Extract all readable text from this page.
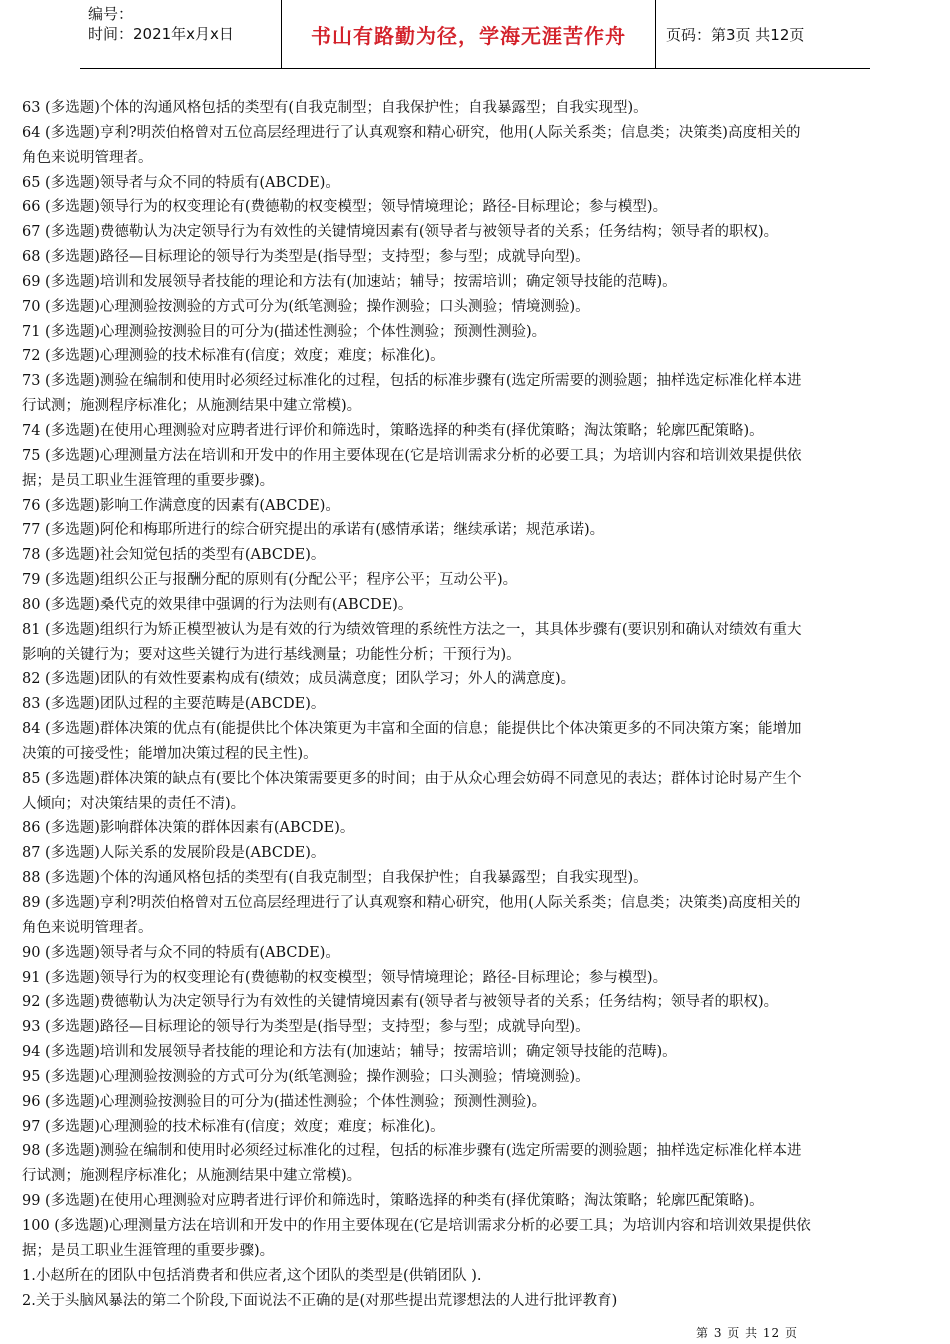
编号：
时间：2021年x月x日	书山有路勤为径，学海无涯苦作舟	页码：第3页 共12页
63 (多选题)个体的沟通风格包括的类型有(自我克制型；自我保护性；自我暴露型；自我实现型)。
64 (多选题)亨利?明茨伯格曾对五位高层经理进行了认真观察和精心研究，他用(人际关系类；信息类；决策类)高度相关的
角色来说明管理者。
65 (多选题)领导者与众不同的特质有(ABCDE)。
66 (多选题)领导行为的权变理论有(费德勒的权变模型；领导情境理论；路径-目标理论；参与模型)。
67 (多选题)费德勒认为决定领导行为有效性的关键情境因素有(领导者与被领导者的关系；任务结构；领导者的职权)。
68 (多选题)路径—目标理论的领导行为类型是(指导型；支持型；参与型；成就导向型)。
69 (多选题)培训和发展领导者技能的理论和方法有(加速站；辅导；按需培训；确定领导技能的范畴)。
70 (多选题)心理测验按测验的方式可分为(纸笔测验；操作测验；口头测验；情境测验)。
71 (多选题)心理测验按测验目的可分为(描述性测验；个体性测验；预测性测验)。
72 (多选题)心理测验的技术标准有(信度；效度；难度；标准化)。
73 (多选题)测验在编制和使用时必须经过标准化的过程，包括的标准步骤有(选定所需要的测验题；抽样选定标准化样本进
行试测；施测程序标准化；从施测结果中建立常模)。
74 (多选题)在使用心理测验对应聘者进行评价和筛选时，策略选择的种类有(择优策略；淘汰策略；轮廓匹配策略)。
75 (多选题)心理测量方法在培训和开发中的作用主要体现在(它是培训需求分析的必要工具；为培训内容和培训效果提供依
据；是员工职业生涯管理的重要步骤)。
76 (多选题)影响工作满意度的因素有(ABCDE)。
77 (多选题)阿伦和梅耶所进行的综合研究提出的承诺有(感情承诺；继续承诺；规范承诺)。
78 (多选题)社会知觉包括的类型有(ABCDE)。
79 (多选题)组织公正与报酬分配的原则有(分配公平；程序公平；互动公平)。
80 (多选题)桑代克的效果律中强调的行为法则有(ABCDE)。
81 (多选题)组织行为矫正模型被认为是有效的行为绩效管理的系统性方法之一，其具体步骤有(要识别和确认对绩效有重大
影响的关键行为；要对这些关键行为进行基线测量；功能性分析；干预行为)。
82 (多选题)团队的有效性要素构成有(绩效；成员满意度；团队学习；外人的满意度)。
83 (多选题)团队过程的主要范畴是(ABCDE)。
84 (多选题)群体决策的优点有(能提供比个体决策更为丰富和全面的信息；能提供比个体决策更多的不同决策方案；能增加
决策的可接受性；能增加决策过程的民主性)。
85 (多选题)群体决策的缺点有(要比个体决策需要更多的时间；由于从众心理会妨碍不同意见的表达；群体讨论时易产生个
人倾向；对决策结果的责任不清)。
86 (多选题)影响群体决策的群体因素有(ABCDE)。
87 (多选题)人际关系的发展阶段是(ABCDE)。
88 (多选题)个体的沟通风格包括的类型有(自我克制型；自我保护性；自我暴露型；自我实现型)。
89 (多选题)亨利?明茨伯格曾对五位高层经理进行了认真观察和精心研究，他用(人际关系类；信息类；决策类)高度相关的
角色来说明管理者。
90 (多选题)领导者与众不同的特质有(ABCDE)。
91 (多选题)领导行为的权变理论有(费德勒的权变模型；领导情境理论；路径-目标理论；参与模型)。
92 (多选题)费德勒认为决定领导行为有效性的关键情境因素有(领导者与被领导者的关系；任务结构；领导者的职权)。
93 (多选题)路径—目标理论的领导行为类型是(指导型；支持型；参与型；成就导向型)。
94 (多选题)培训和发展领导者技能的理论和方法有(加速站；辅导；按需培训；确定领导技能的范畴)。
95 (多选题)心理测验按测验的方式可分为(纸笔测验；操作测验；口头测验；情境测验)。
96 (多选题)心理测验按测验目的可分为(描述性测验；个体性测验；预测性测验)。
97 (多选题)心理测验的技术标准有(信度；效度；难度；标准化)。
98 (多选题)测验在编制和使用时必须经过标准化的过程，包括的标准步骤有(选定所需要的测验题；抽样选定标准化样本进
行试测；施测程序标准化；从施测结果中建立常模)。
99 (多选题)在使用心理测验对应聘者进行评价和筛选时，策略选择的种类有(择优策略；淘汰策略；轮廓匹配策略)。
100 (多选题)心理测量方法在培训和开发中的作用主要体现在(它是培训需求分析的必要工具；为培训内容和培训效果提供依
据；是员工职业生涯管理的重要步骤)。
1.小赵所在的团队中包括消费者和供应者,这个团队的类型是(供销团队 ).
2.关于头脑风暴法的第二个阶段,下面说法不正确的是(对那些提出荒谬想法的人进行批评教育)
第 3 页 共 12 页
